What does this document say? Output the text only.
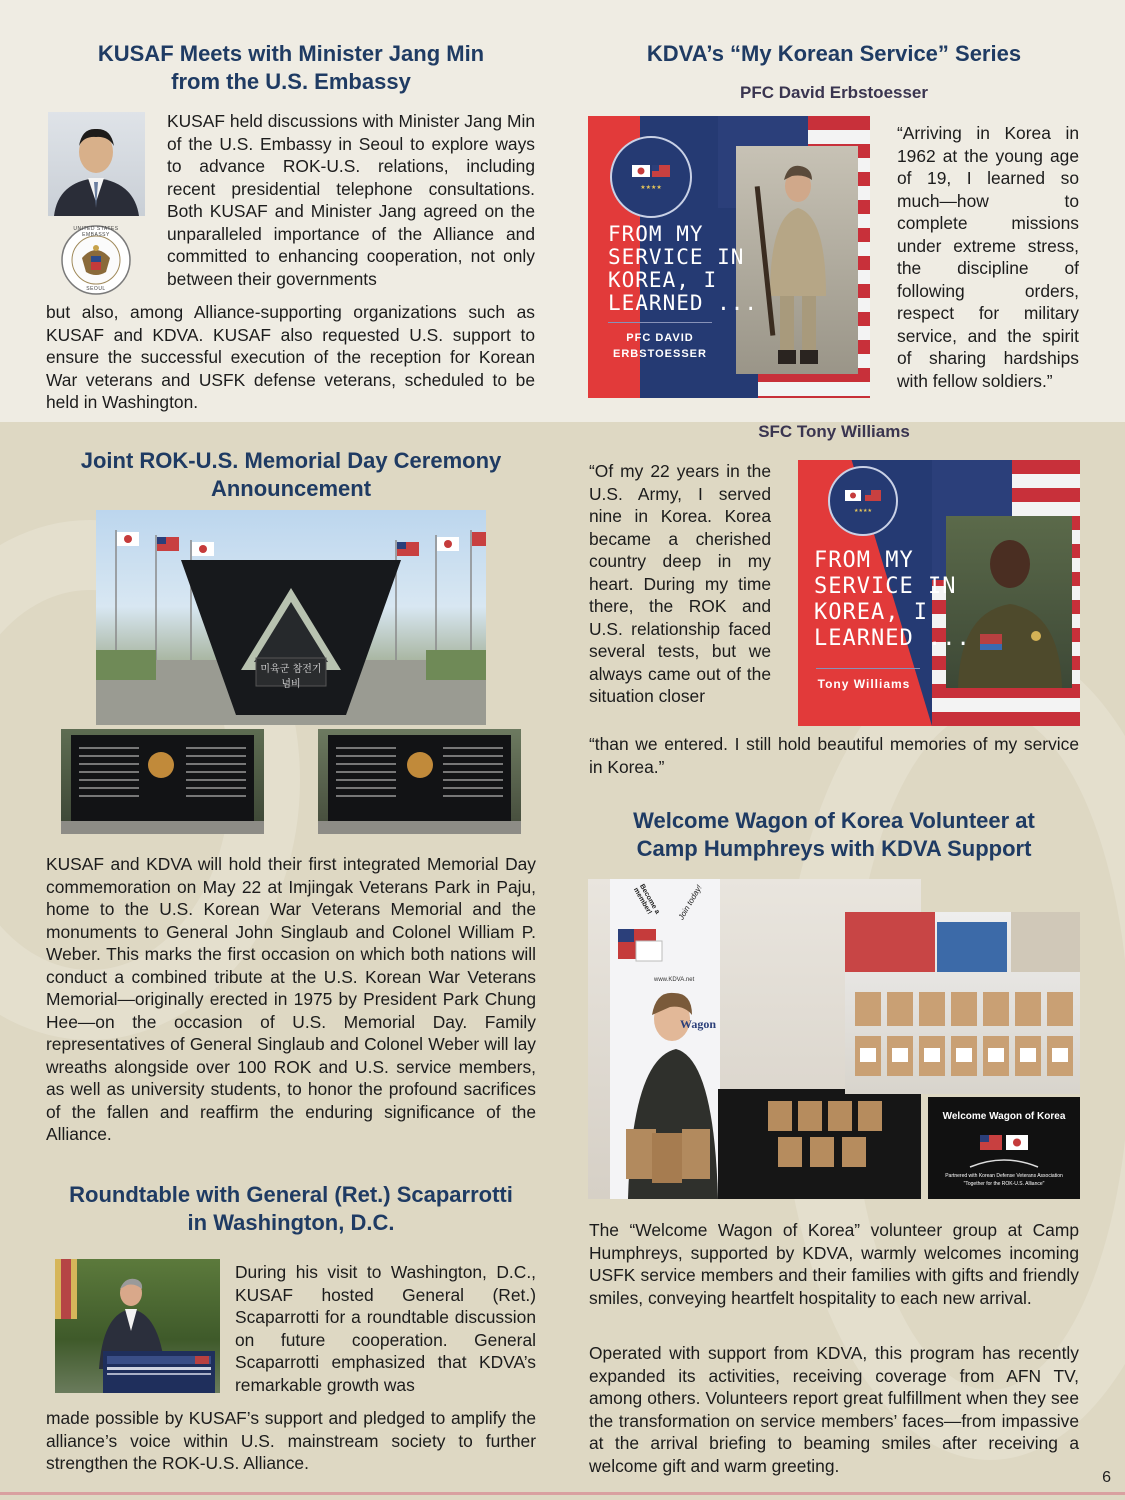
KUSAF Meets with Minister Jang Min
from the U.S. Embassy
UNITED STATES EMBASSY
SEOUL

KUSAF held discussions with Minister Jang Min of the U.S. Embassy in Seoul to explore ways to advance ROK-U.S. relations, including recent presidential telephone consultations. Both KUSAF and Minister Jang agreed on the unparalleled importance of the Alliance and committed to enhancing cooperation, not only between their governments

but also, among Alliance-supporting organizations such as KUSAF and KDVA. KUSAF also requested U.S. support to ensure the successful execution of the reception for Korean War veterans and USFK defense veterans, scheduled to be held in Washington.

Joint ROK-U.S. Memorial Day Ceremony
Announcement
미육군 참전기념비

KUSAF and KDVA will hold their first integrated Memorial Day commemoration on May 22 at Imjingak Veterans Park in Paju, home to the U.S. Korean War Veterans Memorial and the monuments to General John Singlaub and Colonel William P. Weber. This marks the first occasion on which both nations will conduct a combined tribute at the U.S. Korean War Veterans Memorial—originally erected in 1975 by President Park Chung Hee—on the occasion of U.S. Memorial Day. Family representatives of General Singlaub and Colonel Weber will lay wreaths alongside over 100 ROK and U.S. service members, as well as university students, to honor the profound sacrifices of the fallen and reaffirm the enduring significance of the Alliance.

Roundtable with General (Ret.) Scaparrotti
in Washington, D.C.

During his visit to Washington, D.C., KUSAF hosted General (Ret.) Scaparrotti for a roundtable discussion on future cooperation. General Scaparrotti emphasized that KDVA’s remarkable growth was

made possible by KUSAF’s support and pledged to amplify the alliance’s voice within U.S. mainstream society to further strengthen the ROK-U.S. Alliance.

KDVA’s “My Korean Service” Series
PFC David Erbstoesser
★★★★
FROM MY
SERVICE IN
KOREA, I
LEARNED ...
PFC DAVID
ERBSTOESSER

“Arriving in Korea in 1962 at the young age of 19, I learned so much—how to complete missions under extreme stress, the discipline of following orders, respect for military service, and the spirit of sharing hardships with fellow soldiers.”

SFC Tony Williams

“Of my 22 years in the U.S. Army, I served nine in Korea. Korea became a cherished country deep in my heart. During my time there, the ROK and U.S. relationship faced several tests, but we always came out of the situation closer

★★★★
FROM MY
SERVICE IN
KOREA, I
LEARNED ...
Tony Williams

“than we entered. I still hold beautiful memories of my service in Korea.”

Welcome Wagon of Korea Volunteer at
Camp Humphreys with KDVA Support
Become a member!	Join today!
www.KDVA.net
Wagon
Welcome Wagon of Korea
Partnered with Korean Defense Veterans Association
"Together for the ROK-U.S. Alliance"

The “Welcome Wagon of Korea” volunteer group at Camp Humphreys, supported by KDVA, warmly welcomes incoming USFK service members and their families with gifts and friendly smiles, conveying heartfelt hospitality to each new arrival.

Operated with support from KDVA, this program has recently expanded its activities, receiving coverage from AFN TV, among others. Volunteers report great fulfillment when they see the transformation on service members’ faces—from impassive at the arrival briefing to beaming smiles after receiving a welcome gift and warm greeting.

6
